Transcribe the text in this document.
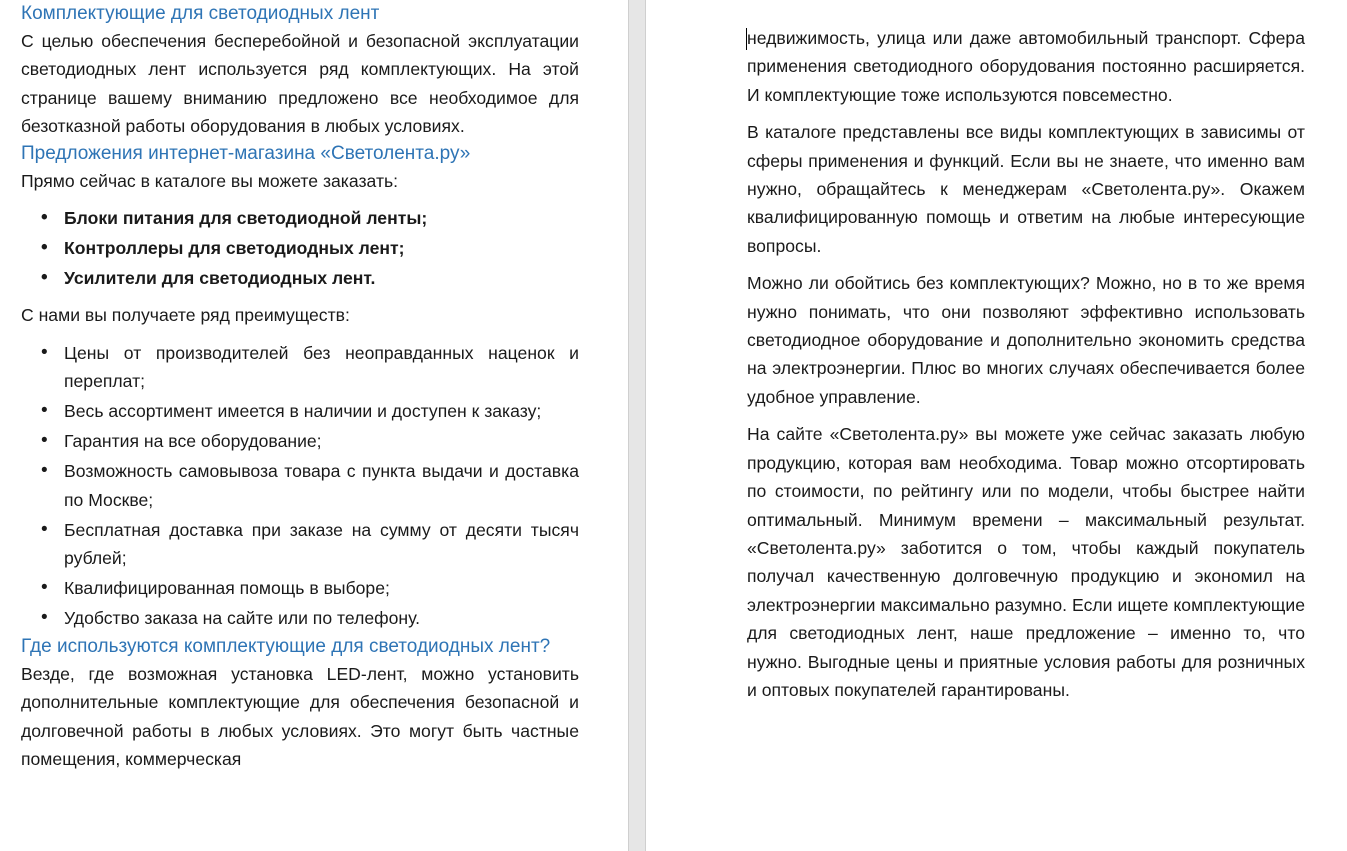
Комплектующие для светодиодных лент

С целью обеспечения бесперебойной и безопасной эксплуатации светодиодных лент используется ряд комплектующих. На этой странице вашему вниманию предложено все необходимое для безотказной работы оборудования в любых условиях.

Предложения интернет-магазина «Светолента.ру»

Прямо сейчас в каталоге вы можете заказать:

• Блоки питания для светодиодной ленты;
• Контроллеры для светодиодных лент;
• Усилители для светодиодных лент.

С нами вы получаете ряд преимуществ:

• Цены от производителей без неоправданных наценок и переплат;
• Весь ассортимент имеется в наличии и доступен к заказу;
• Гарантия на все оборудование;
• Возможность самовывоза товара с пункта выдачи и доставка по Москве;
• Бесплатная доставка при заказе на сумму от десяти тысяч рублей;
• Квалифицированная помощь в выборе;
• Удобство заказа на сайте или по телефону.
Где используются комплектующие для светодиодных лент?

Везде, где возможная установка LED-лент, можно установить дополнительные комплектующие для обеспечения безопасной и долговечной работы в любых условиях. Это могут быть частные помещения, коммерческая

недвижимость, улица или даже автомобильный транспорт. Сфера применения светодиодного оборудования постоянно расширяется. И комплектующие тоже используются повсеместно.

В каталоге представлены все виды комплектующих в зависимы от сферы применения и функций. Если вы не знаете, что именно вам нужно, обращайтесь к менеджерам «Светолента.ру». Окажем квалифицированную помощь и ответим на любые интересующие вопросы.

Можно ли обойтись без комплектующих? Можно, но в то же время нужно понимать, что они позволяют эффективно использовать светодиодное оборудование и дополнительно экономить средства на электроэнергии. Плюс во многих случаях обеспечивается более удобное управление.

На сайте «Светолента.ру» вы можете уже сейчас заказать любую продукцию, которая вам необходима. Товар можно отсортировать по стоимости, по рейтингу или по модели, чтобы быстрее найти оптимальный. Минимум времени – максимальный результат. «Светолента.ру» заботится о том, чтобы каждый покупатель получал качественную долговечную продукцию и экономил на электроэнергии максимально разумно. Если ищете комплектующие для светодиодных лент, наше предложение – именно то, что нужно. Выгодные цены и приятные условия работы для розничных и оптовых покупателей гарантированы.
